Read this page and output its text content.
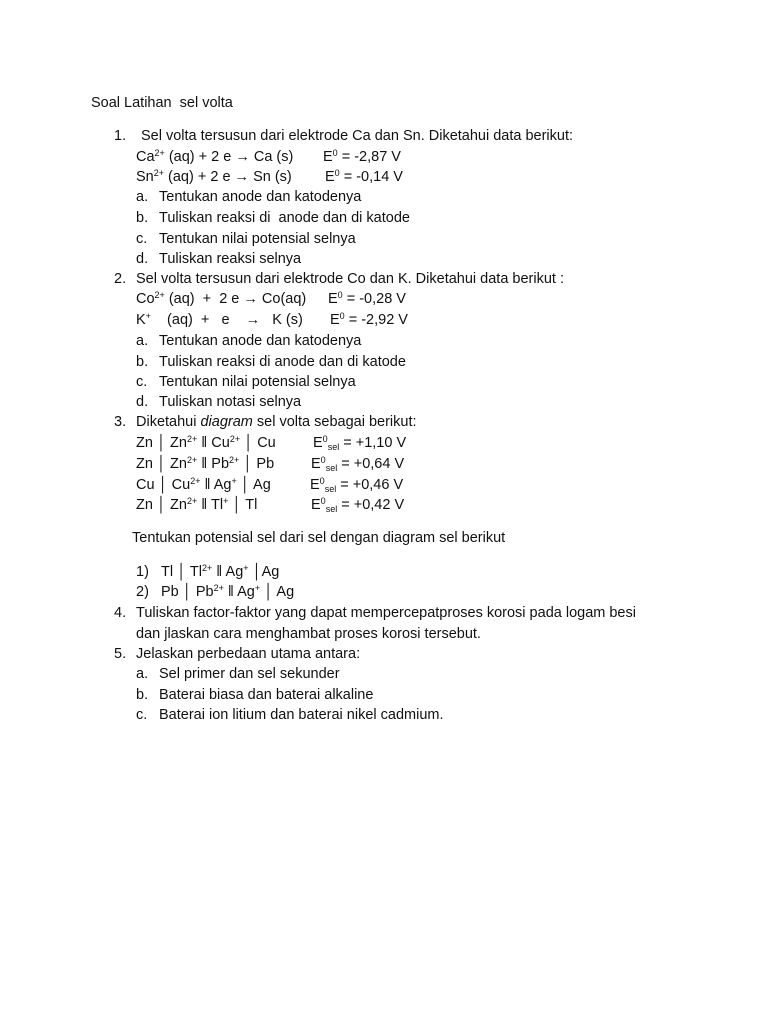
Soal Latihan  sel volta
1. Sel volta tersusun dari elektrode Ca dan Sn. Diketahui data berikut:
$Ca^{2+}$ (aq) + 2 e → Ca (s) $E^0 = -2,87$ V
$Sn^{2+}$ (aq) + 2 e → Sn (s) $E^0 = -0,14$ V
a. Tentukan anode dan katodenya
b. Tuliskan reaksi di  anode dan di katode
c. Tentukan nilai potensial selnya
d. Tuliskan reaksi selnya
2. Sel volta tersusun dari elektrode Co dan K. Diketahui data berikut :
$Co^{2+}$ (aq)  +  2 e → Co(aq) $E^0 = -0,28$ V
K+    (aq)  +   e    →   K (s) $E^0 = -2,92$ V
a. Tentukan anode dan katodenya
b. Tuliskan reaksi di anode dan di katode
c. Tentukan nilai potensial selnya
d. Tuliskan notasi selnya
3. Diketahui diagram sel volta sebagai berikut:
Zn │ $Zn^{2+}$ ‖ $Cu^{2+}$ │ Cu	$E^0_{sel} = +1,10$ V
Zn │ $Zn^{2+}$ ‖ $Pb^{2+}$ │ Pb	$E^0_{sel} = +0,64$ V
Cu │ $Cu^{2+}$ ‖ Ag+ │ Ag	$E^0_{sel} = +0,46$ V
Zn │ $Zn^{2+}$ ‖ Tl+ │ Tl	$E^0_{sel} = +0,42$ V
Tentukan potensial sel dari sel dengan diagram sel berikut
1) Tl │ $Tl^{2+}$ ‖ Ag+ │Ag
2) Pb │ $Pb^{2+}$ ‖ Ag+ │ Ag
4. Tuliskan factor-faktor yang dapat mempercepatproses korosi pada logam besi
dan jlaskan cara menghambat proses korosi tersebut.
5. Jelaskan perbedaan utama antara:
a. Sel primer dan sel sekunder
b. Baterai biasa dan baterai alkaline
c. Baterai ion litium dan baterai nikel cadmium.
